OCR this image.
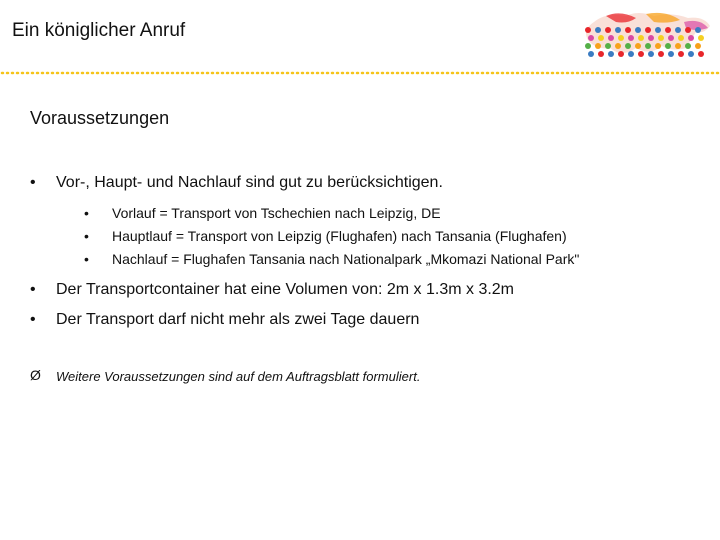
Ein königlicher Anruf
Voraussetzungen
• Vor-, Haupt- und Nachlauf sind gut zu berücksichtigen.
• Vorlauf = Transport von Tschechien nach Leipzig, DE
• Hauptlauf = Transport von Leipzig (Flughafen) nach Tansania (Flughafen)
• Nachlauf = Flughafen Tansania nach Nationalpark „Mkomazi National Park"
• Der Transportcontainer hat eine Volumen von: 2m x 1.3m x 3.2m
• Der Transport darf nicht mehr als zwei Tage dauern
Ø Weitere Voraussetzungen sind auf dem Auftragsblatt formuliert.
